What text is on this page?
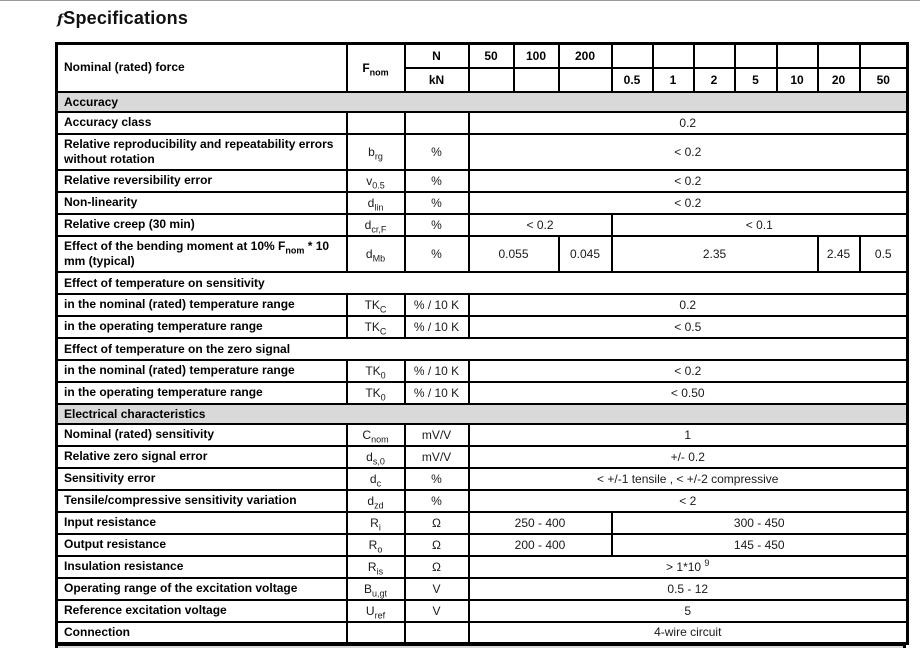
fSpecifications
Nominal (rated) force	$F_{nom}$	N	50	100	200							
		kN				0.5	1	2	5	10	20	50
Accuracy												
Accuracy class			0.2									
Relative reproducibility and repeatability errors without rotation	$b_{rg}$	%	< 0.2									
Relative reversibility error	$v_{0.5}$	%	< 0.2									
Non-linearity	$d_{lin}$	%	< 0.2									
Relative creep (30 min)	$d_{cr,F}$	%	< 0.2			< 0.1						
Effect of the bending moment at 10% $F_{nom} * 10$ mm (typical)	$d_{Mb}$	%	0.055		0.045	2.35					2.45	0.5
Effect of temperature on sensitivity												
in the nominal (rated) temperature range	$TK_C$	% / 10 K	0.2									
in the operating temperature range	$TK_C$	% / 10 K	< 0.5									
Effect of temperature on the zero signal												
in the nominal (rated) temperature range	$TK_0$	% / 10 K	< 0.2									
in the operating temperature range	$TK_0$	% / 10 K	< 0.50									
Electrical characteristics												
Nominal (rated) sensitivity	$C_{nom}$	mV/V	1									
Relative zero signal error	$d_{s,0}$	mV/V	+/- 0.2									
Sensitivity error	$d_c$	%	< +/-1 tensile , < +/-2 compressive									
Tensile/compressive sensitivity variation	$d_{zd}$	%	< 2									
Input resistance	$R_i$	Ω	250 - 400			300 - 450						
Output resistance	$R_o$	Ω	200 - 400			145 - 450						
Insulation resistance	$R_{is}$	Ω	> 1*10 $^9$
Operating range of the excitation voltage	$B_{u,gt}$	V	0.5 - 12									
Reference excitation voltage	$U_{ref}$	V	5									
Connection			4-wire circuit									
